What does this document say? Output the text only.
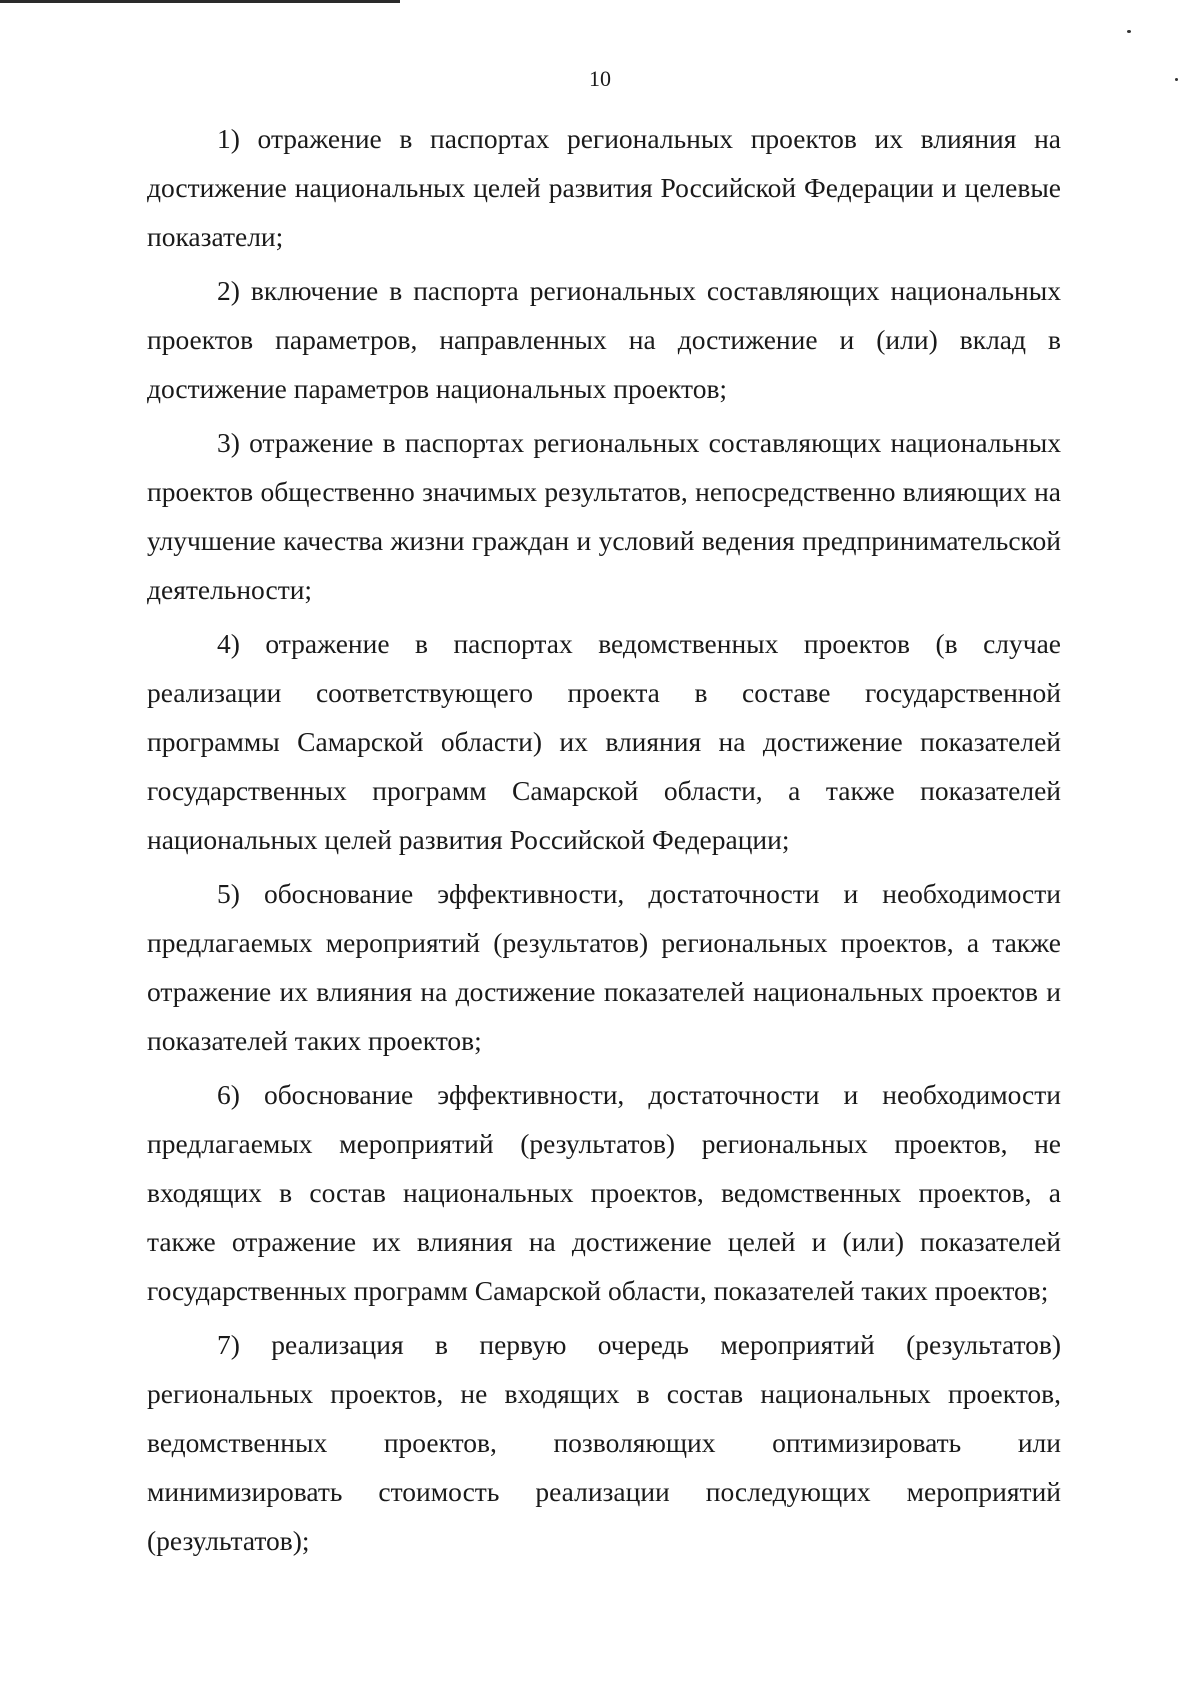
10

1) отражение в паспортах региональных проектов их влияния на достижение национальных целей развития Российской Федерации и целевые показатели;

2) включение в паспорта региональных составляющих национальных проектов параметров, направленных на достижение и (или) вклад в достижение параметров национальных проектов;

3) отражение в паспортах региональных составляющих национальных проектов общественно значимых результатов, непосредственно влияющих на улучшение качества жизни граждан и условий ведения предпринимательской деятельности;

4) отражение в паспортах ведомственных проектов (в случае реализации соответствующего проекта в составе государственной программы Самарской области) их влияния на достижение показателей государственных программ Самарской области, а также показателей национальных целей развития Российской Федерации;

5) обоснование эффективности, достаточности и необходимости предлагаемых мероприятий (результатов) региональных проектов, а также отражение их влияния на достижение показателей национальных проектов и показателей таких проектов;

6) обоснование эффективности, достаточности и необходимости предлагаемых мероприятий (результатов) региональных проектов, не входящих в состав национальных проектов, ведомственных проектов, а также отражение их влияния на достижение целей и (или) показателей государственных программ Самарской области, показателей таких проектов;

7) реализация в первую очередь мероприятий (результатов) региональных проектов, не входящих в состав национальных проектов, ведомственных проектов, позволяющих оптимизировать или минимизировать стоимость реализации последующих мероприятий (результатов);
